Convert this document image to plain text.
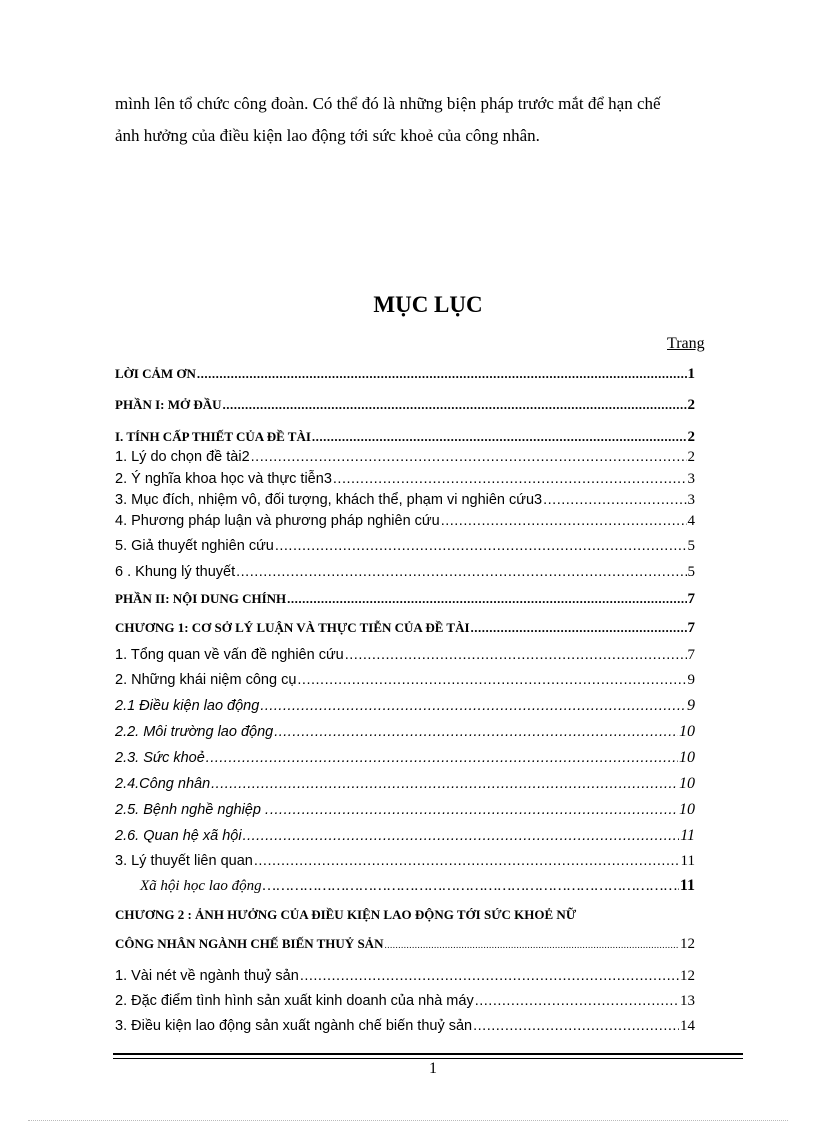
mình lên tổ chức công đoàn. Có thể đó là những biện pháp trước mắt để hạn chế

ảnh hưởng của điều kiện lao động tới sức khoẻ của công nhân.

MỤC LỤC
Trang
LỜI CẢM ƠN .....	1
PHẦN I: MỞ ĐẦU .....	2
I. TÍNH CẤP THIẾT CỦA ĐỀ TÀI .....	2
1. Lý do chọn đề tài2 .....	2
2. Ý nghĩa khoa học và thực tiễn3 .....	3
3. Mục đích, nhiệm vô, đối tượng, khách thể, phạm vi nghiên cứu3 .....	3
4. Phương pháp luận và phương pháp nghiên cứu .....	4
5. Giả thuyết nghiên cứu .....	5
6 . Khung lý thuyết .....	5
PHẦN II: NỘI DUNG CHÍNH .....	7
CHƯƠNG 1: CƠ SỞ LÝ LUẬN VÀ THỰC TIỄN CỦA ĐỀ TÀI .....	7
1. Tổng quan về vấn đề nghiên cứu .....	7
2. Những khái niệm công cụ .....	9
2.1 Điều kiện lao động .....	9
2.2. Môi trường lao động .....	10
2.3. Sức khoẻ .....	10
2.4.Công nhân .....	10
2.5. Bệnh nghề nghiệp . .....	10
2.6. Quan hệ xã hội .....	11
3. Lý thuyết liên quan .....	11
Xã hội học lao động …………………………………………………………………………………………………………………………………………	11
CHƯƠNG 2 : ẢNH HƯỞNG CỦA ĐIỀU KIỆN LAO ĐỘNG TỚI SỨC KHOẺ NỮ
CÔNG NHÂN NGÀNH CHẾ BIẾN THUỶ SẢN .....	12
1. Vài nét về ngành thuỷ sản .....	12
2. Đặc điểm tình hình sản xuất kinh doanh của nhà máy .....	13
3. Điều kiện lao động sản xuất ngành chế biến thuỷ sản .....	14
1
